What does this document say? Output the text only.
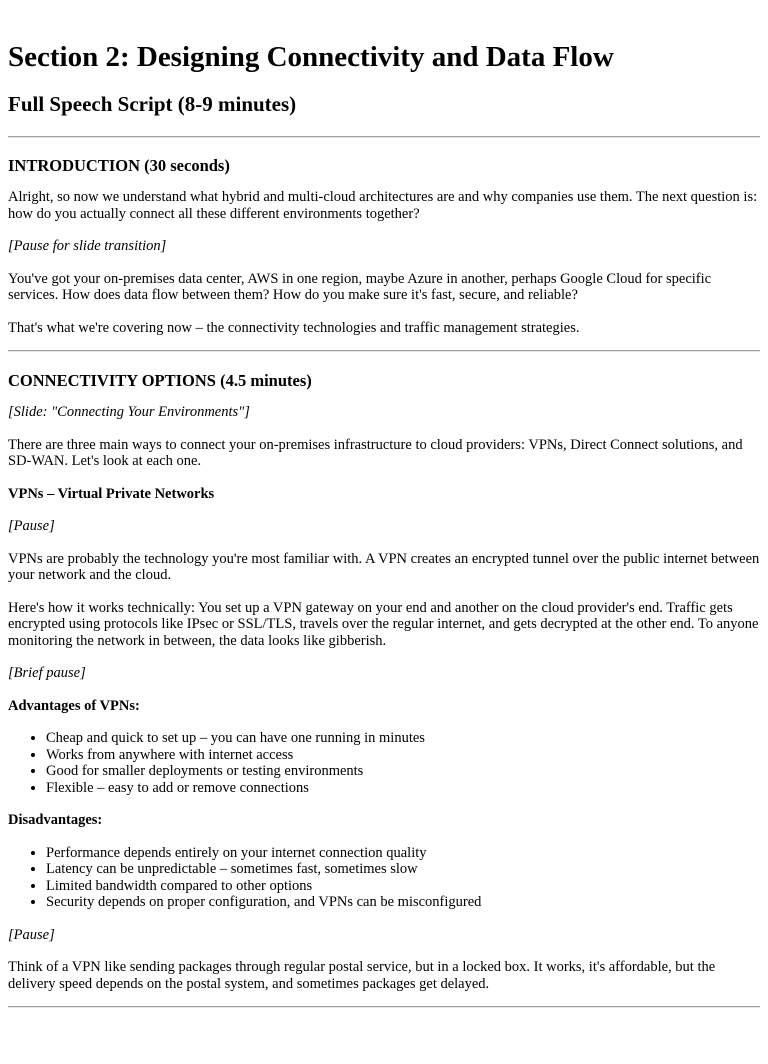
Section 2: Designing Connectivity and Data Flow
Full Speech Script (8-9 minutes)
INTRODUCTION (30 seconds)

Alright, so now we understand what hybrid and multi-cloud architectures are and why companies use them. The next question is: how do you actually connect all these different environments together?

[Pause for slide transition]

You've got your on-premises data center, AWS in one region, maybe Azure in another, perhaps Google Cloud for specific services. How does data flow between them? How do you make sure it's fast, secure, and reliable?

That's what we're covering now – the connectivity technologies and traffic management strategies.

CONNECTIVITY OPTIONS (4.5 minutes)

[Slide: "Connecting Your Environments"]

There are three main ways to connect your on-premises infrastructure to cloud providers: VPNs, Direct Connect solutions, and SD-WAN. Let's look at each one.

VPNs – Virtual Private Networks

[Pause]

VPNs are probably the technology you're most familiar with. A VPN creates an encrypted tunnel over the public internet between your network and the cloud.

Here's how it works technically: You set up a VPN gateway on your end and another on the cloud provider's end. Traffic gets encrypted using protocols like IPsec or SSL/TLS, travels over the regular internet, and gets decrypted at the other end. To anyone monitoring the network in between, the data looks like gibberish.

[Brief pause]

Advantages of VPNs:

• Cheap and quick to set up – you can have one running in minutes
• Works from anywhere with internet access
• Good for smaller deployments or testing environments
• Flexible – easy to add or remove connections

Disadvantages:

• Performance depends entirely on your internet connection quality
• Latency can be unpredictable – sometimes fast, sometimes slow
• Limited bandwidth compared to other options
• Security depends on proper configuration, and VPNs can be misconfigured

[Pause]

Think of a VPN like sending packages through regular postal service, but in a locked box. It works, it's affordable, but the delivery speed depends on the postal system, and sometimes packages get delayed.
